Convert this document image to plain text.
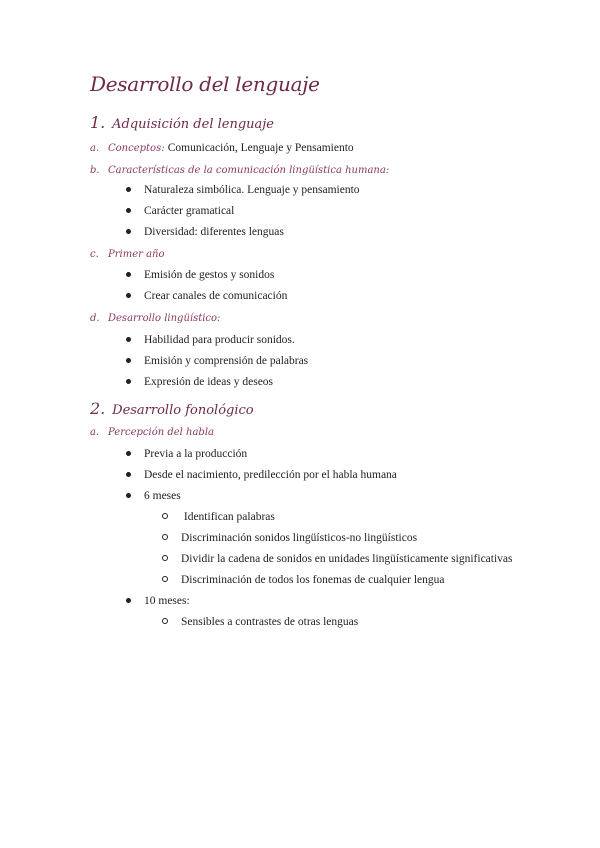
Desarrollo del lenguaje
1. Adquisición del lenguaje
a. Conceptos: Comunicación, Lenguaje y Pensamiento
b. Características de la comunicación lingüística humana:
Naturaleza simbólica. Lenguaje y pensamiento
Carácter gramatical
Diversidad: diferentes lenguas
c. Primer año
Emisión de gestos y sonidos
Crear canales de comunicación
d. Desarrollo lingüístico:
Habilidad para producir sonidos.
Emisión y comprensión de palabras
Expresión de ideas y deseos
2. Desarrollo fonológico
a. Percepción del habla
Previa a la producción
Desde el nacimiento, predilección por el habla humana
6 meses
Identifican palabras
Discriminación sonidos lingüísticos-no lingüísticos
Dividir la cadena de sonidos en unidades lingüísticamente significativas
Discriminación de todos los fonemas de cualquier lengua
10 meses:
Sensibles a contrastes de otras lenguas
